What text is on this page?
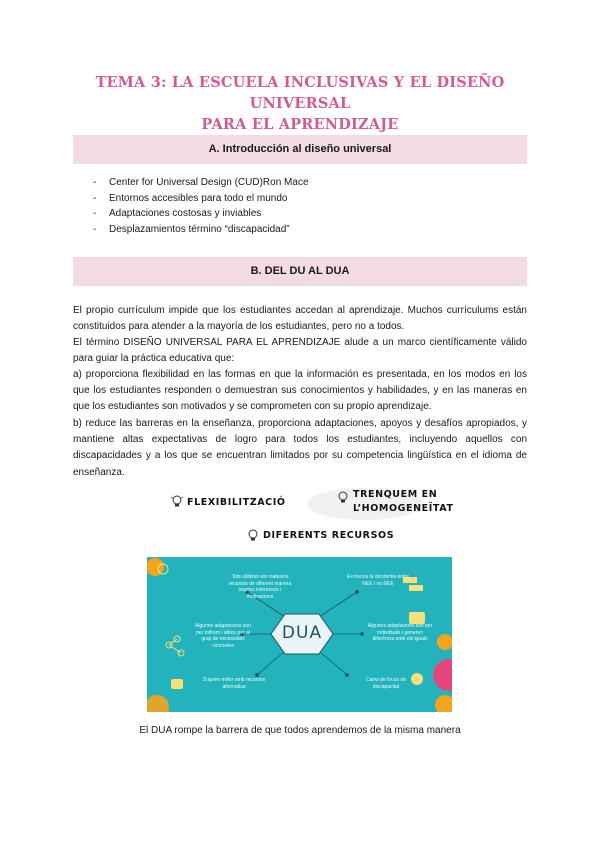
TEMA 3: LA ESCUELA INCLUSIVAS Y EL DISEÑO UNIVERSAL
PARA EL APRENDIZAJE
A. Introducción al diseño universal
- Center for Universal Design (CUD)Ron Mace
- Entornos accesibles para todo el mundo
- Adaptaciones costosas y inviables
- Desplazamientos término “discapacidad”
B. DEL DU AL DUA

El propio currículum impide que los estudiantes accedan al aprendizaje. Muchos currículums están constituidos para atender a la mayoría de los estudiantes, pero no a todos.

El término DISEÑO UNIVERSAL PARA EL APRENDIZAJE alude a un marco científicamente válido para guiar la práctica educativa que:

a) proporciona flexibilidad en las formas en que la información es presentada, en los modos en los que los estudiantes responden o demuestran sus conocimientos y habilidades, y en las maneras en que los estudiantes son motivados y se comprometen con su propio aprendizaje.

b) reduce las barreras en la enseñanza, proporciona adaptaciones, apoyos y desafíos apropiados, y mantiene altas expectativas de logro para todos los estudiantes, incluyendo aquellos con discapacidades y a los que se encuentran limitados por su competencia lingüística en el idioma de enseñanza.

FLEXIBILITZACIÓ
TRENQUEM EN
L’HOMOGENEÏTAT
DIFERENTS RECURSOS
Tots utilitzen els mateixos recursos de diferent manera segons interessos i motivacions
Es trenca la dicotomia entre NEE i no NEE
Algunes adaptacions són per tothom i altres per al grup de necessitats concretes
Algunes adaptacions són per individuals i generen diferència amb els iguals
S’aprèn millor amb recursos alternatius
Canvi de focus de discapacitat
DUA
El DUA rompe la barrera de que todos aprendemos de la misma manera
